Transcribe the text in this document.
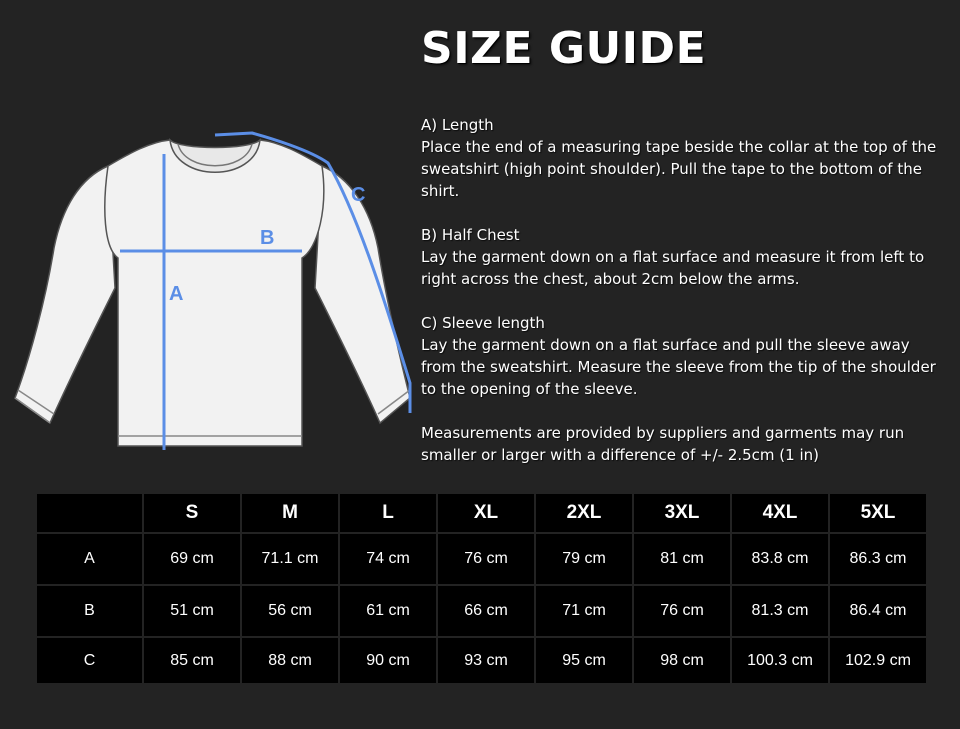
SIZE GUIDE
A
B
C
A) Length
Place the end of a measuring tape beside the collar at the top of the sweatshirt (high point shoulder). Pull the tape to the bottom of the shirt.
B) Half Chest
Lay the garment down on a flat surface and measure it from left to right across the chest, about 2cm below the arms.
C) Sleeve length
Lay the garment down on a flat surface and pull the sleeve away from the sweatshirt. Measure the sleeve from the tip of the shoulder to the opening of the sleeve.
Measurements are provided by suppliers and garments may run smaller or larger with a difference of +/- 2.5cm (1 in)
	S	M	L	XL	2XL	3XL	4XL	5XL
A	69 cm	71.1 cm	74 cm	76 cm	79 cm	81 cm	83.8 cm	86.3 cm
B	51 cm	56 cm	61 cm	66 cm	71 cm	76 cm	81.3 cm	86.4 cm
C	85 cm	88 cm	90 cm	93 cm	95 cm	98 cm	100.3 cm	102.9 cm
